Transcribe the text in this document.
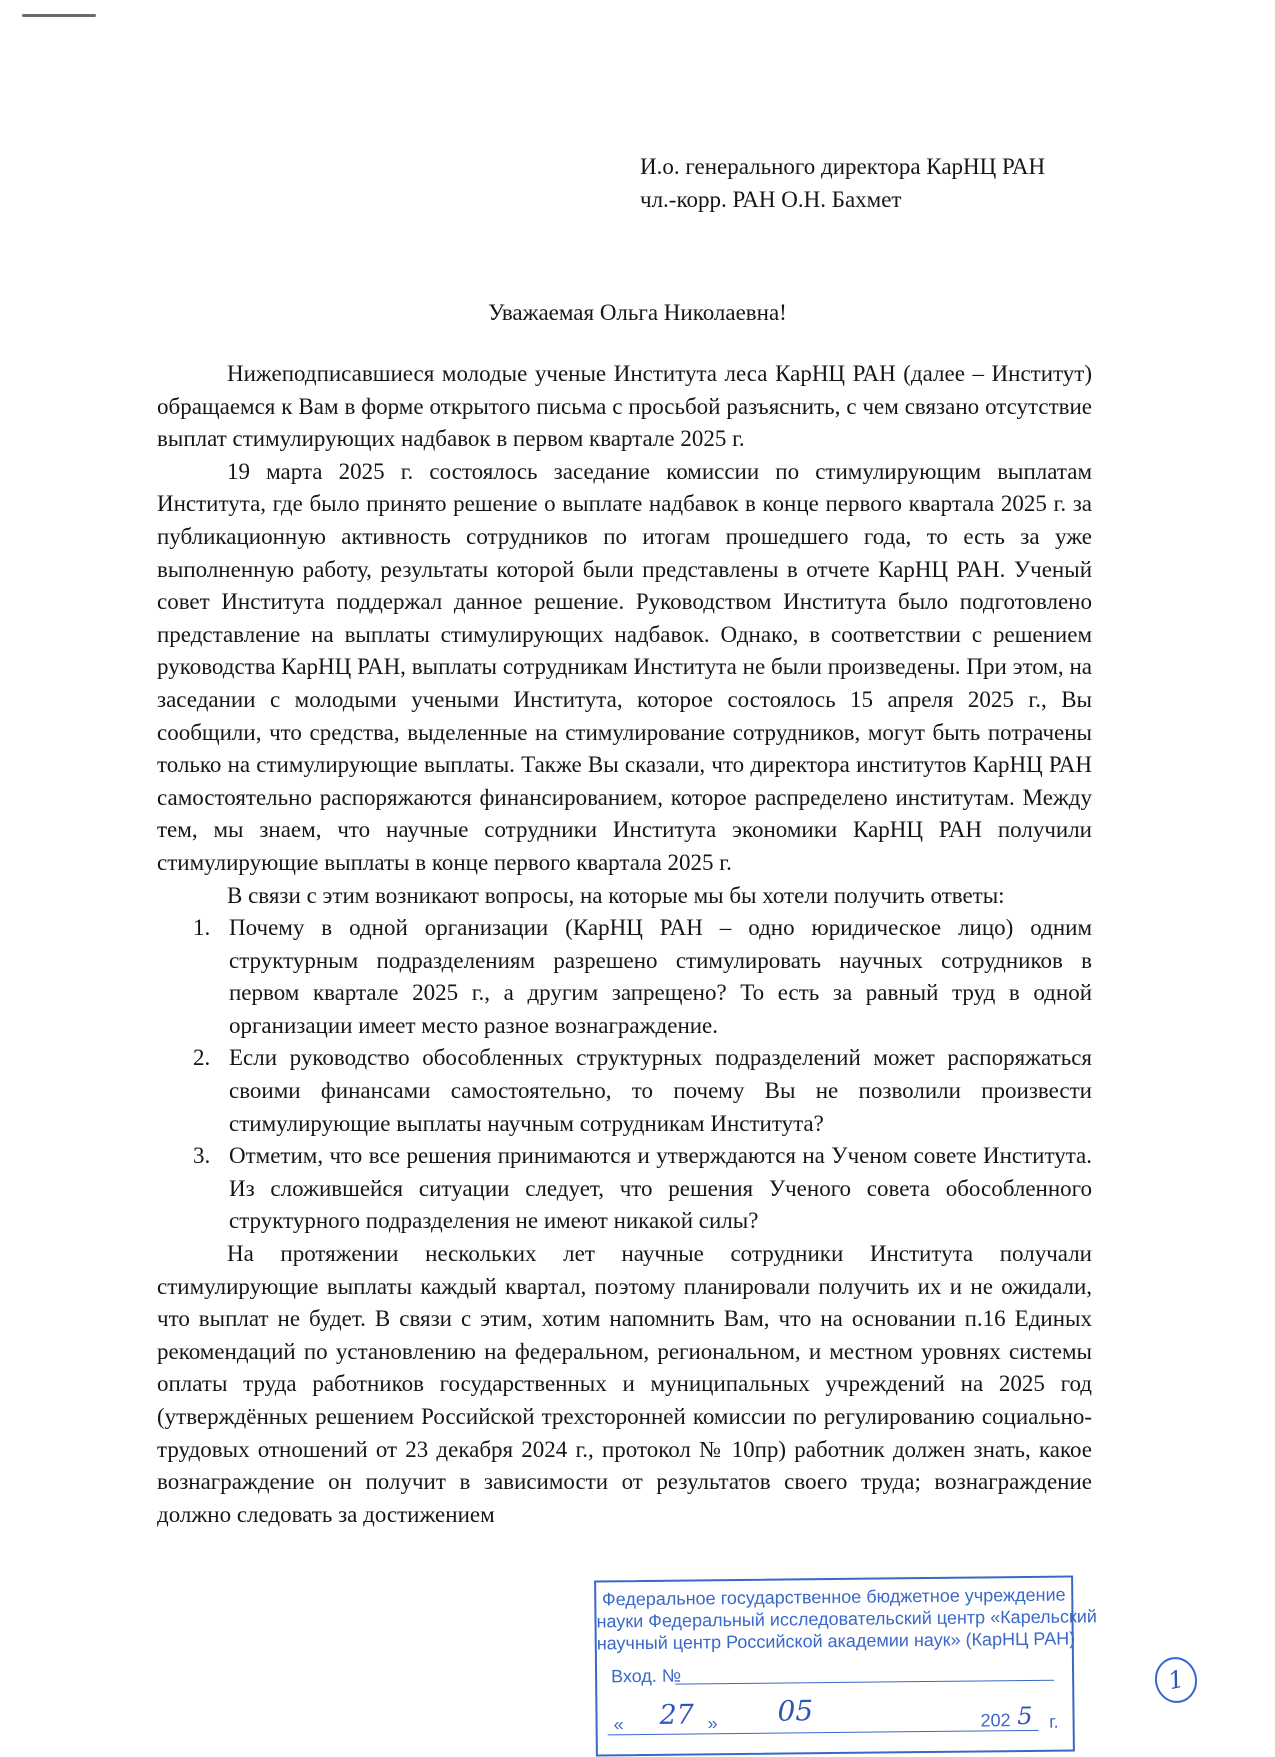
И.о. генерального директора КарНЦ РАН
чл.-корр. РАН О.Н. Бахмет
Уважаемая Ольга Николаевна!

Нижеподписавшиеся молодые ученые Института леса КарНЦ РАН (далее – Институт) обращаемся к Вам в форме открытого письма с просьбой разъяснить, с чем связано отсутствие выплат стимулирующих надбавок в первом квартале 2025 г.

19 марта 2025 г. состоялось заседание комиссии по стимулирующим выплатам Института, где было принято решение о выплате надбавок в конце первого квартала 2025 г. за публикационную активность сотрудников по итогам прошедшего года, то есть за уже выполненную работу, результаты которой были представлены в отчете КарНЦ РАН. Ученый совет Института поддержал данное решение. Руководством Института было подготовлено представление на выплаты стимулирующих надбавок. Однако, в соответствии с решением руководства КарНЦ РАН, выплаты сотрудникам Института не были произведены. При этом, на заседании с молодыми учеными Института, которое состоялось 15 апреля 2025 г., Вы сообщили, что средства, выделенные на стимулирование сотрудников, могут быть потрачены только на стимулирующие выплаты. Также Вы сказали, что директора институтов КарНЦ РАН самостоятельно распоряжаются финансированием, которое распределено институтам. Между тем, мы знаем, что научные сотрудники Института экономики КарНЦ РАН получили стимулирующие выплаты в конце первого квартала 2025 г.

В связи с этим возникают вопросы, на которые мы бы хотели получить ответы:

1. Почему в одной организации (КарНЦ РАН – одно юридическое лицо) одним структурным подразделениям разрешено стимулировать научных сотрудников в первом квартале 2025 г., а другим запрещено? То есть за равный труд в одной организации имеет место разное вознаграждение.
2. Если руководство обособленных структурных подразделений может распоряжаться своими финансами самостоятельно, то почему Вы не позволили произвести стимулирующие выплаты научным сотрудникам Института?
3. Отметим, что все решения принимаются и утверждаются на Ученом совете Института. Из сложившейся ситуации следует, что решения Ученого совета обособленного структурного подразделения не имеют никакой силы?

На протяжении нескольких лет научные сотрудники Института получали стимулирующие выплаты каждый квартал, поэтому планировали получить их и не ожидали, что выплат не будет. В связи с этим, хотим напомнить Вам, что на основании п.16 Единых рекомендаций по установлению на федеральном, региональном, и местном уровнях системы оплаты труда работников государственных и муниципальных учреждений на 2025 год (утверждённых решением Российской трехсторонней комиссии по регулированию социально-трудовых отношений от 23 декабря 2024 г., протокол № 10пр) работник должен знать, какое вознаграждение он получит в зависимости от результатов своего труда; вознаграждение должно следовать за достижением

Федеральное государственное бюджетное учреждение
науки Федеральный исследовательский центр «Карельский
научный центр Российской академии наук» (КарНЦ РАН)
Вход. №
« 27 » 05	202 5 г.
1
